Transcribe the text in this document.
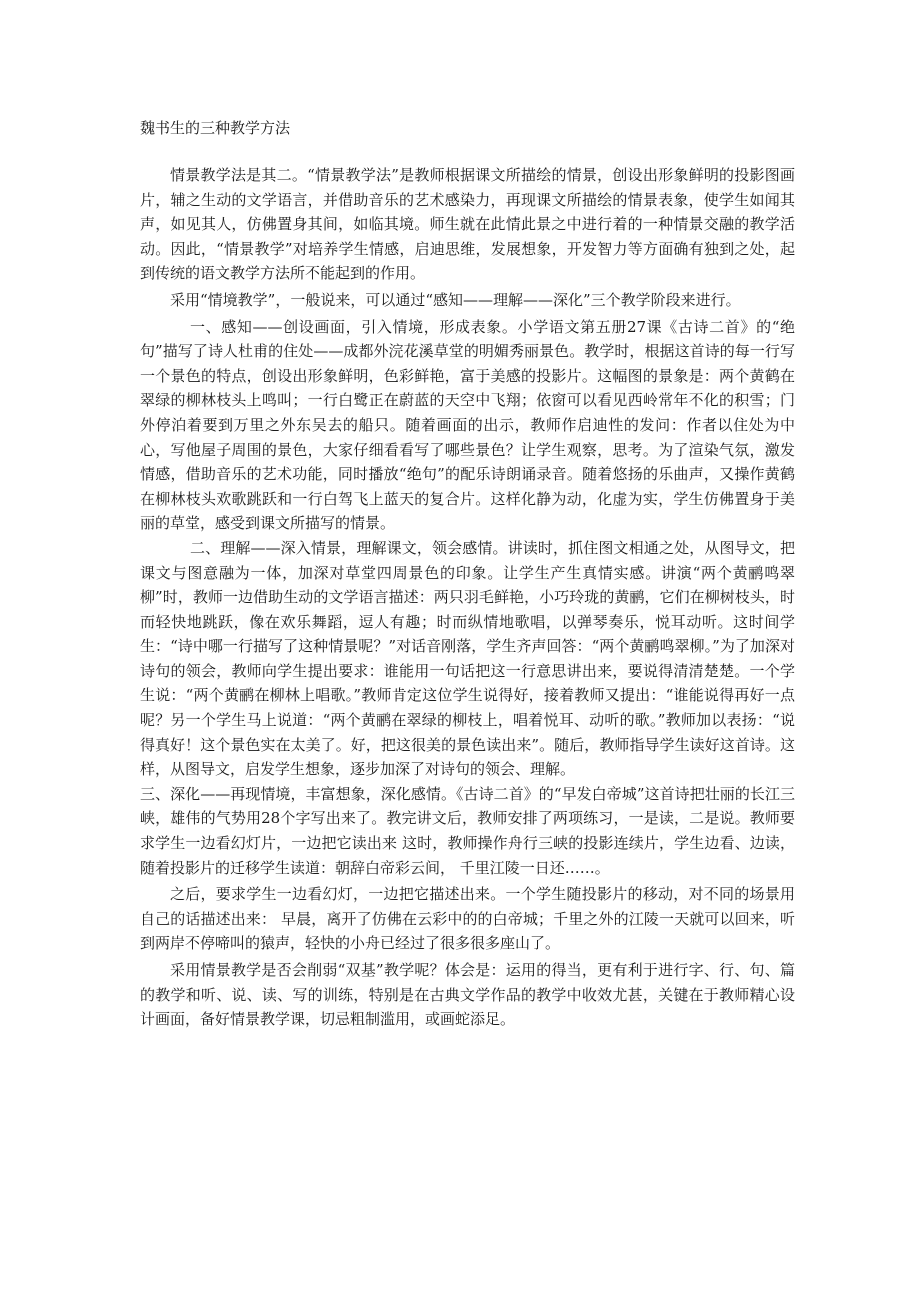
魏书生的三种教学方法

情景教学法是其二。“情景教学法”是教师根据课文所描绘的情景，创设出形象鲜明的投影图画片，辅之生动的文学语言，并借助音乐的艺术感染力，再现课文所描绘的情景表象，使学生如闻其声，如见其人，仿佛置身其间，如临其境。师生就在此情此景之中进行着的一种情景交融的教学活动。因此，“情景教学”对培养学生情感，启迪思维，发展想象，开发智力等方面确有独到之处，起到传统的语文教学方法所不能起到的作用。

采用“情境教学”，一般说来，可以通过“感知——理解——深化”三个教学阶段来进行。

一、感知——创设画面，引入情境，形成表象。小学语文第五册27课《古诗二首》的“绝句”描写了诗人杜甫的住处——成都外浣花溪草堂的明媚秀丽景色。教学时，根据这首诗的每一行写一个景色的特点，创设出形象鲜明，色彩鲜艳，富于美感的投影片。这幅图的景象是：两个黄鹤在翠绿的柳林枝头上鸣叫；一行白鹭正在蔚蓝的天空中飞翔；依窗可以看见西岭常年不化的积雪；门外停泊着要到万里之外东吴去的船只。随着画面的出示，教师作启迪性的发问：作者以住处为中心，写他屋子周围的景色，大家仔细看看写了哪些景色？让学生观察，思考。为了渲染气氛，激发情感，借助音乐的艺术功能，同时播放“绝句”的配乐诗朗诵录音。随着悠扬的乐曲声，又操作黄鹤在柳林枝头欢歌跳跃和一行白驾飞上蓝天的复合片。这样化静为动，化虚为实，学生仿佛置身于美丽的草堂，感受到课文所描写的情景。

二、理解——深入情景，理解课文，领会感情。讲读时，抓住图文相通之处，从图导文，把课文与图意融为一体，加深对草堂四周景色的印象。让学生产生真情实感。讲演“两个黄鹂鸣翠柳”时，教师一边借助生动的文学语言描述：两只羽毛鲜艳，小巧玲珑的黄鹂，它们在柳树枝头，时而轻快地跳跃，像在欢乐舞蹈，逗人有趣；时而纵情地歌唱，以弹琴奏乐，悦耳动听。这时间学生：“诗中哪一行描写了这种情景呢？”对话音刚落，学生齐声回答：“两个黄鹂鸣翠柳。”为了加深对诗句的领会，教师向学生提出要求：谁能用一句话把这一行意思讲出来，要说得清清楚楚。一个学生说：“两个黄鹂在柳林上唱歌。”教师肯定这位学生说得好，接着教师又提出：“谁能说得再好一点呢？另一个学生马上说道：“两个黄鹂在翠绿的柳枝上，唱着悦耳、动听的歌。”教师加以表扬：“说得真好！这个景色实在太美了。好，把这很美的景色读出来”。随后，教师指导学生读好这首诗。这样，从图导文，启发学生想象，逐步加深了对诗句的领会、理解。

三、深化——再现情境，丰富想象，深化感情。《古诗二首》的“早发白帝城”这首诗把壮丽的长江三峡，雄伟的气势用28个字写出来了。教完讲文后，教师安排了两项练习，一是读，二是说。教师要求学生一边看幻灯片，一边把它读出来 这时，教师操作舟行三峡的投影连续片，学生边看、边读，随着投影片的迁移学生读道：朝辞白帝彩云间， 千里江陵一日还……。

之后，要求学生一边看幻灯，一边把它描述出来。一个学生随投影片的移动，对不同的场景用自己的话描述出来： 早晨，离开了仿佛在云彩中的的白帝城；千里之外的江陵一天就可以回来，听到两岸不停啼叫的猿声，轻快的小舟已经过了很多很多座山了。

采用情景教学是否会削弱“双基”教学呢？体会是：运用的得当，更有利于进行字、行、句、篇的教学和听、说、读、写的训练，特别是在古典文学作品的教学中收效尤甚，关键在于教师精心设计画面，备好情景教学课，切忌粗制滥用，或画蛇添足。
